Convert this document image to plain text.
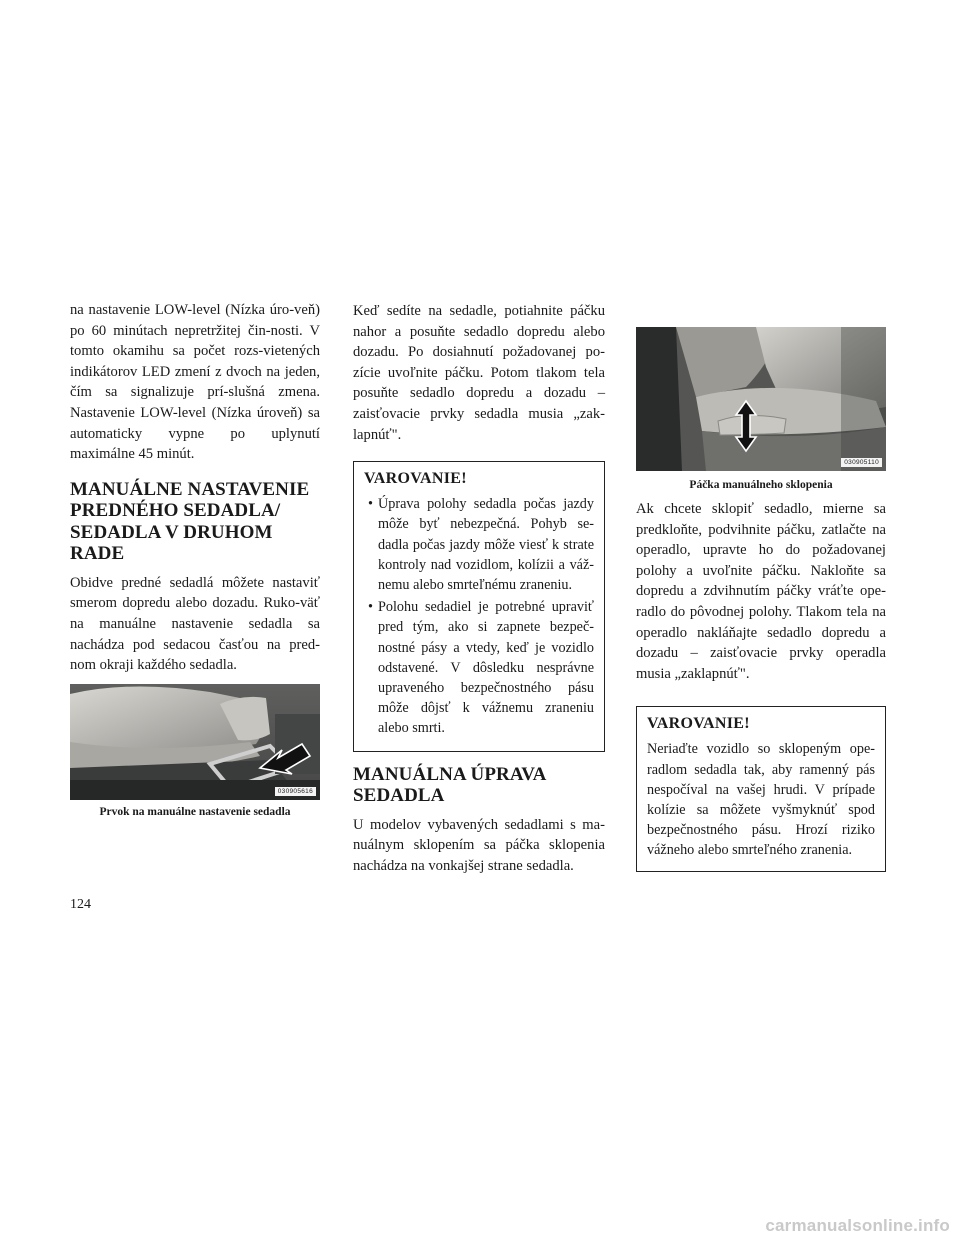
na nastavenie LOW-level (Nízka úro-veň) po 60 minútach nepretržitej čin-nosti. V tomto okamihu sa počet rozs-vietených indikátorov LED zmení z dvoch na jeden, čím sa signalizuje prí-slušná zmena. Nastavenie LOW-level (Nízka úroveň) sa automaticky vypne po uplynutí maximálne 45 minút.

MANUÁLNE NASTAVENIE PREDNÉHO SEDADLA/ SEDADLA V DRUHOM RADE

Obidve predné sedadlá môžete nastaviť smerom dopredu alebo dozadu. Ruko-väť na manuálne nastavenie sedadla sa nachádza pod sedacou časťou na pred-nom okraji každého sedadla.

030905616
Prvok na manuálne nastavenie sedadla

Keď sedíte na sedadle, potiahnite páčku nahor a posuňte sedadlo dopredu alebo dozadu. Po dosiahnutí požadovanej po-zície uvoľnite páčku. Potom tlakom tela posuňte sedadlo dopredu a dozadu – zaisťovacie prvky sedadla musia „zak-lapnúť".

VAROVANIE!
• Úprava polohy sedadla počas jazdy môže byť nebezpečná. Pohyb se-dadla počas jazdy môže viesť k strate kontroly nad vozidlom, kolízii a váž-nemu alebo smrteľnému zraneniu.
• Polohu sedadiel je potrebné upraviť pred tým, ako si zapnete bezpeč-nostné pásy a vtedy, keď je vozidlo odstavené. V dôsledku nesprávne upraveného bezpečnostného pásu môže dôjsť k vážnemu zraneniu alebo smrti.
MANUÁLNA ÚPRAVA SEDADLA

U modelov vybavených sedadlami s ma-nuálnym sklopením sa páčka sklopenia nachádza na vonkajšej strane sedadla.

030905110
Páčka manuálneho sklopenia

Ak chcete sklopiť sedadlo, mierne sa predkloňte, podvihnite páčku, zatlačte na operadlo, upravte ho do požadovanej polohy a uvoľnite páčku. Nakloňte sa dopredu a zdvihnutím páčky vráťte ope-radlo do pôvodnej polohy. Tlakom tela na operadlo nakláňajte sedadlo dopredu a dozadu – zaisťovacie prvky operadla musia „zaklapnúť".

VAROVANIE!

Neriaďte vozidlo so sklopeným ope-radlom sedadla tak, aby ramenný pás nespočíval na vašej hrudi. V prípade kolízie sa môžete vyšmyknúť spod bezpečnostného pásu. Hrozí riziko vážneho alebo smrteľného zranenia.

124
carmanualsonline.info
